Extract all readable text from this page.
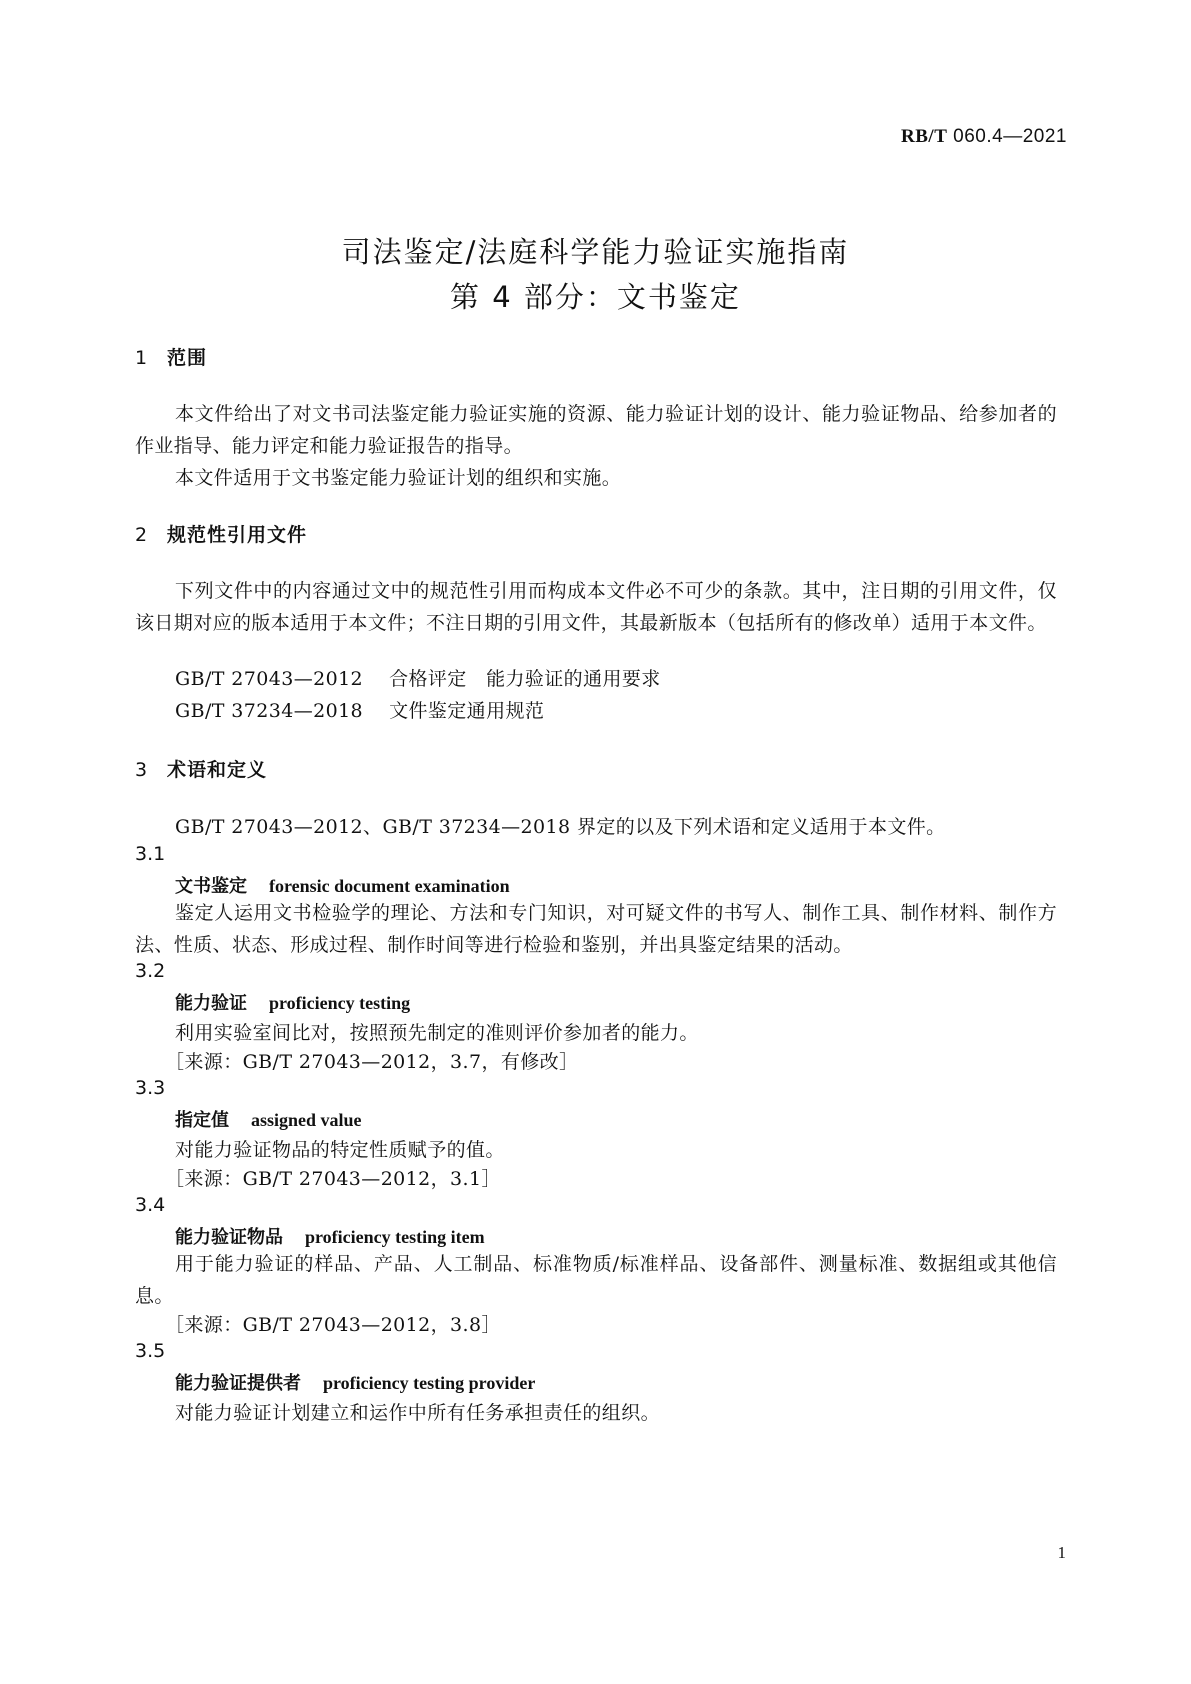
RB/T 060.4—2021
司法鉴定/法庭科学能力验证实施指南
第 4 部分：文书鉴定
1 范围
本文件给出了对文书司法鉴定能力验证实施的资源、能力验证计划的设计、能力验证物品、给参加者的作业指导、能力评定和能力验证报告的指导。
本文件适用于文书鉴定能力验证计划的组织和实施。
2 规范性引用文件
下列文件中的内容通过文中的规范性引用而构成本文件必不可少的条款。其中，注日期的引用文件，仅该日期对应的版本适用于本文件；不注日期的引用文件，其最新版本（包括所有的修改单）适用于本文件。
GB/T 27043—2012 合格评定　能力验证的通用要求
GB/T 37234—2018 文件鉴定通用规范
3 术语和定义
GB/T 27043—2012、GB/T 37234—2018 界定的以及下列术语和定义适用于本文件。
3.1
文书鉴定 forensic document examination
鉴定人运用文书检验学的理论、方法和专门知识，对可疑文件的书写人、制作工具、制作材料、制作方法、性质、状态、形成过程、制作时间等进行检验和鉴别，并出具鉴定结果的活动。
3.2
能力验证 proficiency testing
利用实验室间比对，按照预先制定的准则评价参加者的能力。
［来源：GB/T 27043—2012，3.7，有修改］
3.3
指定值 assigned value
对能力验证物品的特定性质赋予的值。
［来源：GB/T 27043—2012，3.1］
3.4
能力验证物品 proficiency testing item
用于能力验证的样品、产品、人工制品、标准物质/标准样品、设备部件、测量标准、数据组或其他信息。
［来源：GB/T 27043—2012，3.8］
3.5
能力验证提供者 proficiency testing provider
对能力验证计划建立和运作中所有任务承担责任的组织。
1
